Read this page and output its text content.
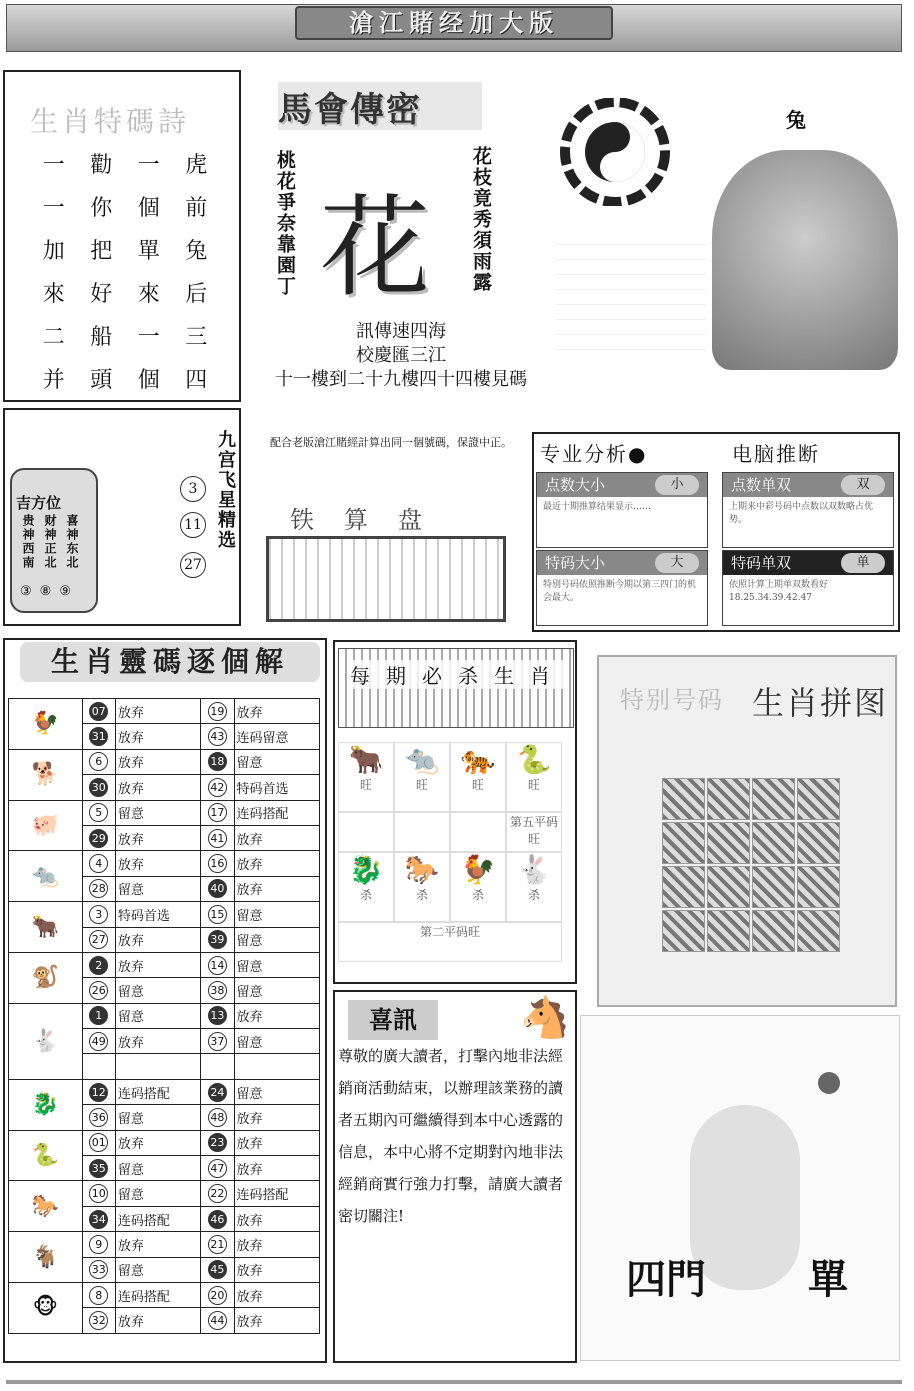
滄江賭经加大版
生肖特碼詩
一	勸	一	虎
一	你	個	前
加	把	單	兔
來	好	來	后
二	船	一	三
并	頭	個	四
馬會傳密
桃花爭奈靠園丁	花枝竟秀須雨露
花
訊傳速四海
校慶匯三江
十一樓到二十九樓四十四樓見碼
配合老版滄江賭經計算出同一個號碼，保證中正。
铁算盘
兔
九宫飞星精选
3
11
27
吉方位
喜神东北
财神正北
贵神西南
③⑧⑨
专业分析●	电脑推断
点数大小	小
最近十期推算结果显示……
点数单双	双
上期来中彩号码中点数以双数略占优势。
特码大小	大
特别号码依照推断今期以第三四门的机会最大。
特码单双	单
依照计算上期单双数看好 18.25.34.39.42.47
生肖靈碼逐個解
🐓	07	放弃	19	放弃
	31	放弃	43	连码留意
🐕	6	放弃	18	留意
	30	放弃	42	特码首选
🐖	5	留意	17	连码搭配
	29	放弃	41	放弃
🐀	4	放弃	16	放弃
	28	留意	40	放弃
🐂	3	特码首选	15	留意
	27	放弃	39	留意
🐒	2	放弃	14	留意
	26	留意	38	留意
🐇	1	留意	13	放弃
	49	放弃	37	留意

🐉	12	连码搭配	24	留意
	36	留意	48	放弃
🐍	01	放弃	23	放弃
	35	留意	47	放弃
🐎	10	留意	22	连码搭配
	34	连码搭配	46	放弃
🐐	9	放弃	21	放弃
	33	留意	45	放弃
🐵	8	连码搭配	20	放弃
	32	放弃	44	放弃
每期必杀生肖
🐂
旺
🐀
旺
🐅
旺
🐍
旺
第五平码旺
🐉
杀
🐎
杀
🐓
杀
🐇
杀
第二平码旺
喜訊	🐴
尊敬的廣大讀者，打擊內地非法經銷商活動結束，以辦理該業務的讀者五期內可繼續得到本中心透露的信息，本中心將不定期對內地非法經銷商實行強力打擊，請廣大讀者密切關注!
特别号码 生肖拼图
四門	單
